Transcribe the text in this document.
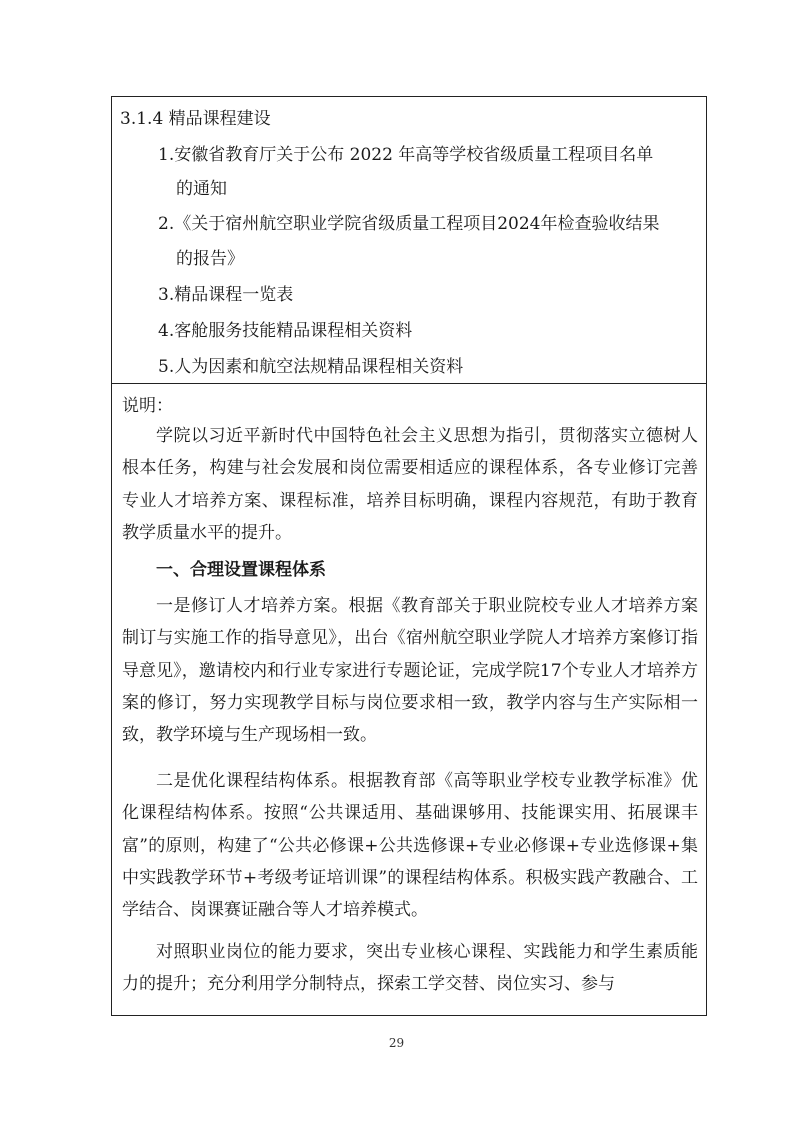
3.1.4 精品课程建设
1.安徽省教育厅关于公布 2022 年高等学校省级质量工程项目名单
的通知
2.《关于宿州航空职业学院省级质量工程项目2024年检查验收结果
的报告》
3.精品课程一览表
4.客舱服务技能精品课程相关资料
5.人为因素和航空法规精品课程相关资料
说明：

学院以习近平新时代中国特色社会主义思想为指引，贯彻落实立德树人根本任务，构建与社会发展和岗位需要相适应的课程体系，各专业修订完善专业人才培养方案、课程标准，培养目标明确，课程内容规范，有助于教育教学质量水平的提升。

一、合理设置课程体系

一是修订人才培养方案。根据《教育部关于职业院校专业人才培养方案制订与实施工作的指导意见》，出台《宿州航空职业学院人才培养方案修订指导意见》，邀请校内和行业专家进行专题论证，完成学院17个专业人才培养方案的修订，努力实现教学目标与岗位要求相一致，教学内容与生产实际相一致，教学环境与生产现场相一致。

二是优化课程结构体系。根据教育部《高等职业学校专业教学标准》优化课程结构体系。按照“公共课适用、基础课够用、技能课实用、拓展课丰富”的原则，构建了“公共必修课+公共选修课+专业必修课+专业选修课+集中实践教学环节+考级考证培训课”的课程结构体系。积极实践产教融合、工学结合、岗课赛证融合等人才培养模式。

对照职业岗位的能力要求，突出专业核心课程、实践能力和学生素质能力的提升；充分利用学分制特点，探索工学交替、岗位实习、参与

29
